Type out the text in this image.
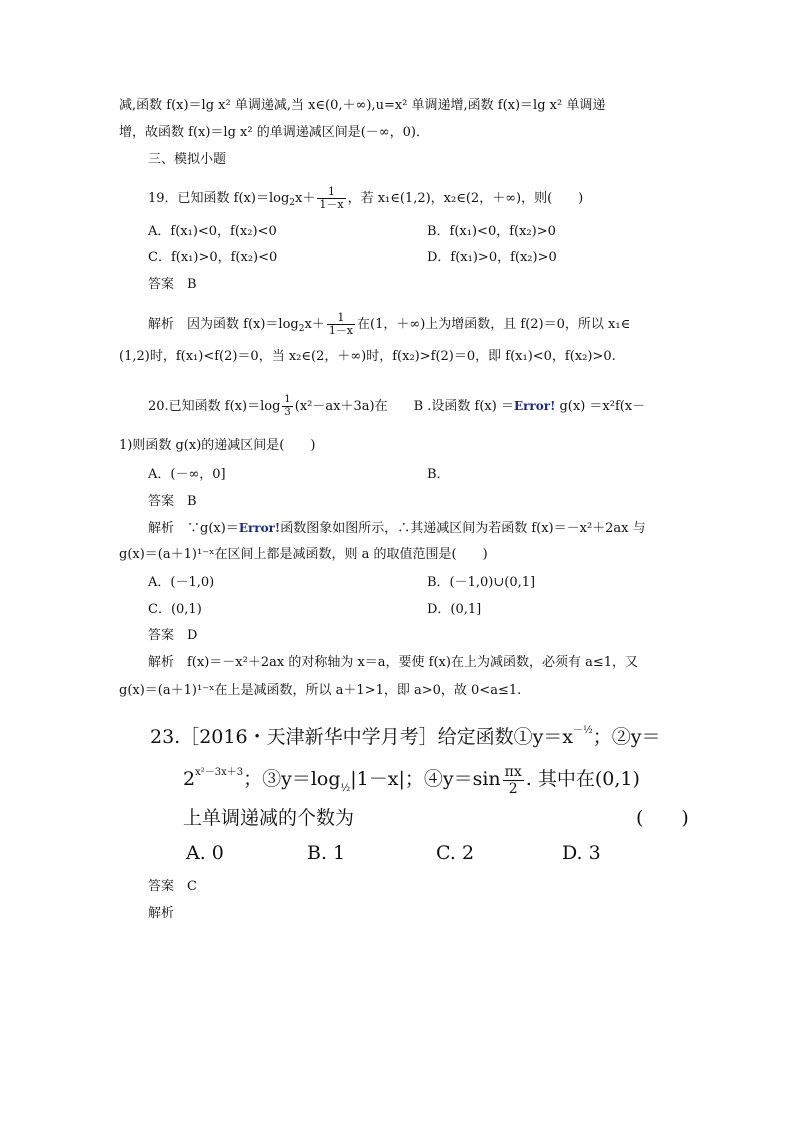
减,函数 f(x)＝lg x² 单调递减,当 x∈(0,＋∞),u=x² 单调递增,函数 f(x)＝lg x² 单调递
增，故函数 f(x)＝lg x² 的单调递减区间是(－∞，0)．
三、模拟小题
19．已知函数 $f(x)=\log_2x+ \frac{1}{1-x}$ ，若 x₁∈(1,2)，x₂∈(2，＋∞)，则(　　)
A．f(x₁)<0，f(x₂)<0	B．f(x₁)<0，f(x₂)>0
C．f(x₁)>0，f(x₂)<0	D．f(x₁)>0，f(x₂)>0
答案　B
解析　因为函数 $f(x)=\log_2x+ \frac{1}{1-x}$ 在(1，＋∞)上为增函数，且 f(2)＝0，所以 x₁∈
(1,2)时，f(x₁)<f(2)＝0，当 x₂∈(2，＋∞)时，f(x₂)>f(2)＝0，即 f(x₁)<0，f(x₂)>0.
20.已知函数 $f(x)=\log \frac{1}{3} (x^2-ax+3a)$在　　B .设函数 f(x) ＝Error! g(x) ＝x²f(x－
1)则函数 g(x)的递减区间是(　　)
A．(－∞，0]	B．
答案　B
解析　∵g(x)＝Error!函数图象如图所示，∴其递减区间为若函数 f(x)＝－x²＋2ax 与
g(x)＝(a＋1)¹⁻ˣ在区间上都是减函数，则 a 的取值范围是(　　)
A．(－1,0)	B．(－1,0)∪(0,1]
C．(0,1)	D．(0,1]
答案　D
解析　f(x)＝－x²＋2ax 的对称轴为 x＝a，要使 f(x)在上为减函数，必须有 a≤1，又
g(x)＝(a＋1)¹⁻ˣ在上是减函数，所以 a＋1>1，即 a>0，故 0<a≤1.
23.［2016・天津新华中学月考］给定函数$①y=x^{-\frac{1}{2}}$；②y＝
$2^{x^2-3x+3}$；$③y=\log_{\frac{1}{2}}|1-x|$；④y＝sin $\frac{\pi x}{2}$ . 其中在(0,1)
上单调递减的个数为	(　　)
A. 0	B. 1	C. 2	D. 3
答案　C
解析
